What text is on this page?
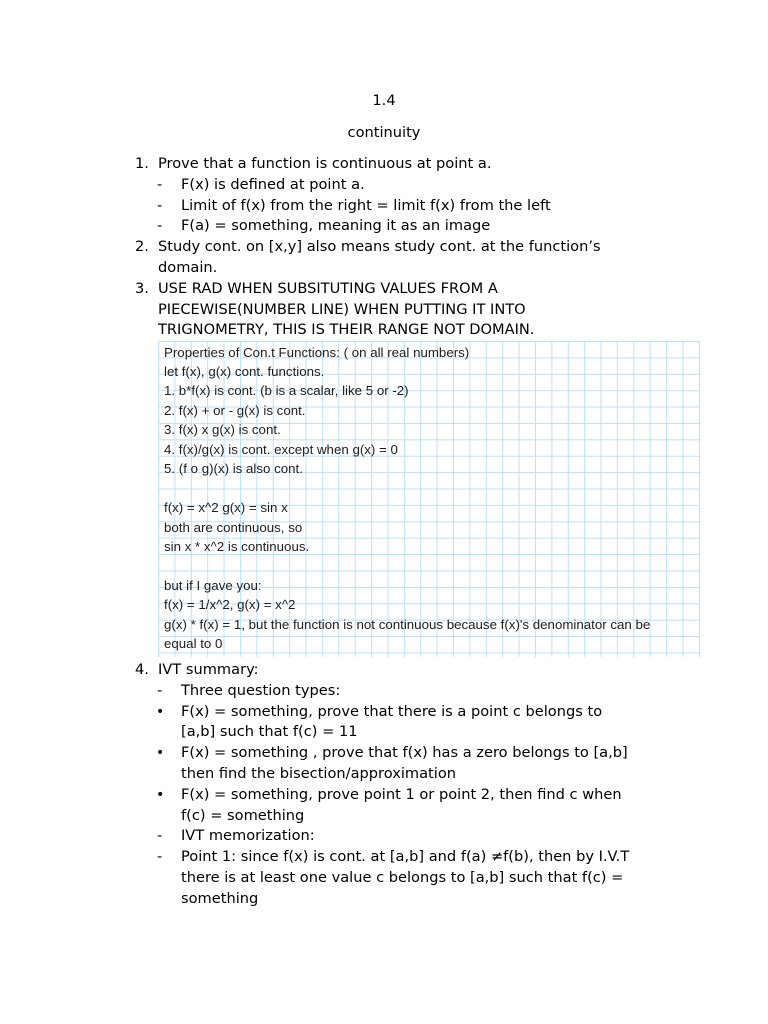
1.4
continuity
1. Prove that a function is continuous at point a.
- F(x) is defined at point a.
- Limit of f(x) from the right = limit f(x) from the left
- F(a) = something, meaning it as an image
2. Study cont. on [x,y] also means study cont. at the function’s
domain.
3. USE RAD WHEN SUBSITUTING VALUES FROM A
PIECEWISE(NUMBER LINE) WHEN PUTTING IT INTO
TRIGNOMETRY, THIS IS THEIR RANGE NOT DOMAIN.
Properties of Con.t Functions: ( on all real numbers)
let f(x), g(x) cont. functions.
1. b*f(x) is cont. (b is a scalar, like 5 or -2)
2. f(x) + or - g(x) is cont.
3. f(x) x g(x) is cont.
4. f(x)/g(x) is cont. except when g(x) = 0
5. (f o g)(x) is also cont.
f(x) = x^2 g(x) = sin x
both are continuous, so
sin x * x^2 is continuous.
but if I gave you:
f(x) = 1/x^2, g(x) = x^2
g(x) * f(x) = 1, but the function is not continuous because f(x)'s denominator can be
equal to 0
4. IVT summary:
- Three question types:
• F(x) = something, prove that there is a point c belongs to
[a,b] such that f(c) = 11
• F(x) = something , prove that f(x) has a zero belongs to [a,b]
then find the bisection/approximation
• F(x) = something, prove point 1 or point 2, then find c when
f(c) = something
- IVT memorization:
- Point 1: since f(x) is cont. at [a,b] and f(a) ≠f(b), then by I.V.T
there is at least one value c belongs to [a,b] such that f(c) =
something
